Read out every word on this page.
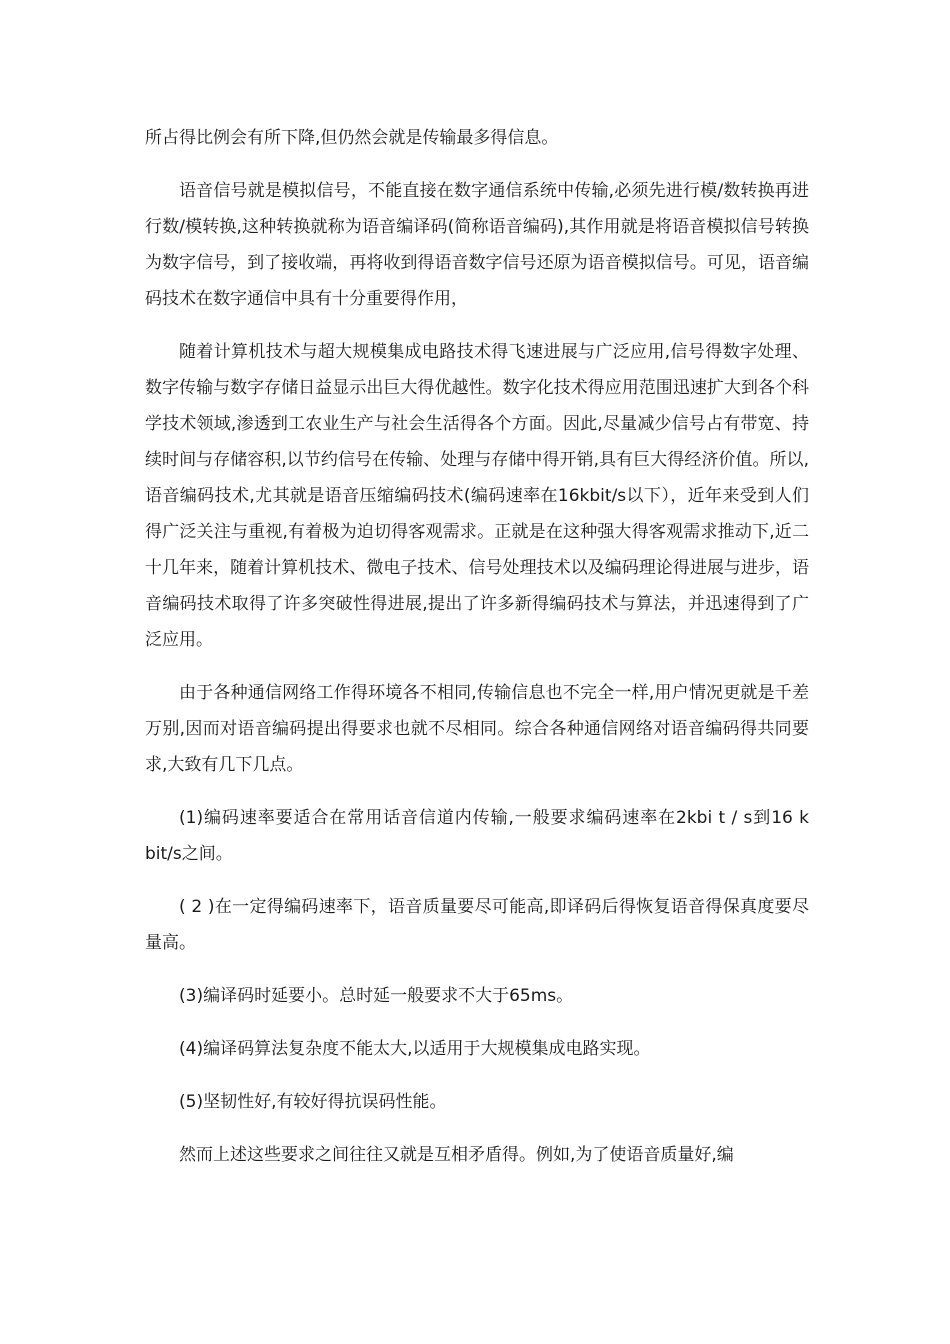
所占得比例会有所下降,但仍然会就是传输最多得信息。

语音信号就是模拟信号，不能直接在数字通信系统中传输,必须先进行模/数转换再进行数/模转换,这种转换就称为语音编译码(简称语音编码),其作用就是将语音模拟信号转换为数字信号，到了接收端，再将收到得语音数字信号还原为语音模拟信号。可见，语音编码技术在数字通信中具有十分重要得作用，

随着计算机技术与超大规模集成电路技术得飞速进展与广泛应用,信号得数字处理、数字传输与数字存储日益显示出巨大得优越性。数字化技术得应用范围迅速扩大到各个科学技术领域,渗透到工农业生产与社会生活得各个方面。因此,尽量减少信号占有带宽、持续时间与存储容积,以节约信号在传输、处理与存储中得开销,具有巨大得经济价值。所以,语音编码技术,尤其就是语音压缩编码技术(编码速率在16kbit/s以下），近年来受到人们得广泛关注与重视,有着极为迫切得客观需求。正就是在这种强大得客观需求推动下,近二十几年来，随着计算机技术、微电子技术、信号处理技术以及编码理论得进展与进步，语音编码技术取得了许多突破性得进展,提出了许多新得编码技术与算法，并迅速得到了广泛应用。

由于各种通信网络工作得环境各不相同,传输信息也不完全一样,用户情况更就是千差万别,因而对语音编码提出得要求也就不尽相同。综合各种通信网络对语音编码得共同要求,大致有几下几点。

(1)编码速率要适合在常用话音信道内传输,一般要求编码速率在2kbi t / s到16 k bit/s之间。

( 2 )在一定得编码速率下，语音质量要尽可能高,即译码后得恢复语音得保真度要尽量高。

(3)编译码时延要小。总时延一般要求不大于65ms。

(4)编译码算法复杂度不能太大,以适用于大规模集成电路实现。

(5)坚韧性好,有较好得抗误码性能。

然而上述这些要求之间往往又就是互相矛盾得。例如,为了使语音质量好,编
